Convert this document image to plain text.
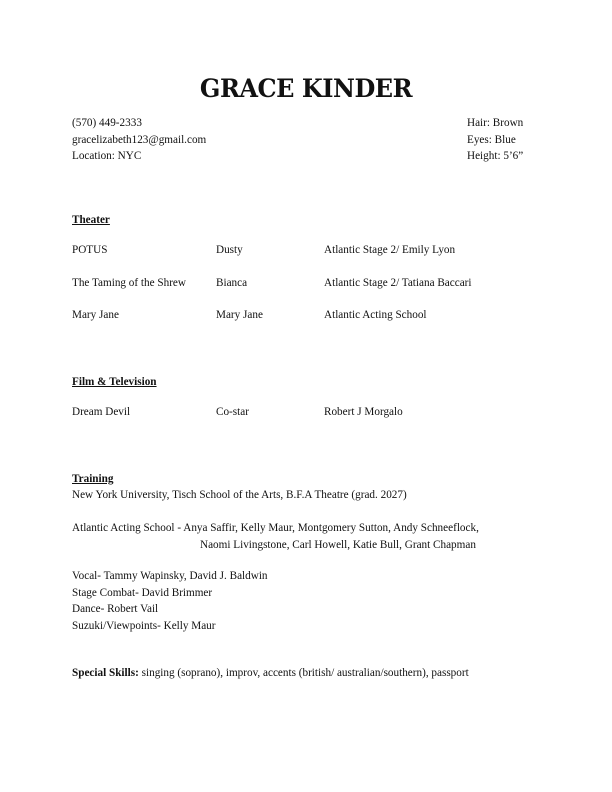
GRACE KINDER
(570) 449-2333
gracelizabeth123@gmail.com
Location: NYC
Hair: Brown
Eyes: Blue
Height: 5’6”
Theater
POTUS	Dusty	Atlantic Stage 2/ Emily Lyon
The Taming of the Shrew	Bianca	Atlantic Stage 2/ Tatiana Baccari
Mary Jane	Mary Jane	Atlantic Acting School
Film & Television
Dream Devil	Co-star	Robert J Morgalo
Training
New York University, Tisch School of the Arts, B.F.A Theatre (grad. 2027)
Atlantic Acting School - Anya Saffir, Kelly Maur, Montgomery Sutton, Andy Schneeflock,
Naomi Livingstone, Carl Howell, Katie Bull, Grant Chapman
Vocal- Tammy Wapinsky, David J. Baldwin
Stage Combat- David Brimmer
Dance- Robert Vail
Suzuki/Viewpoints- Kelly Maur
Special Skills: singing (soprano), improv, accents (british/ australian/southern), passport
